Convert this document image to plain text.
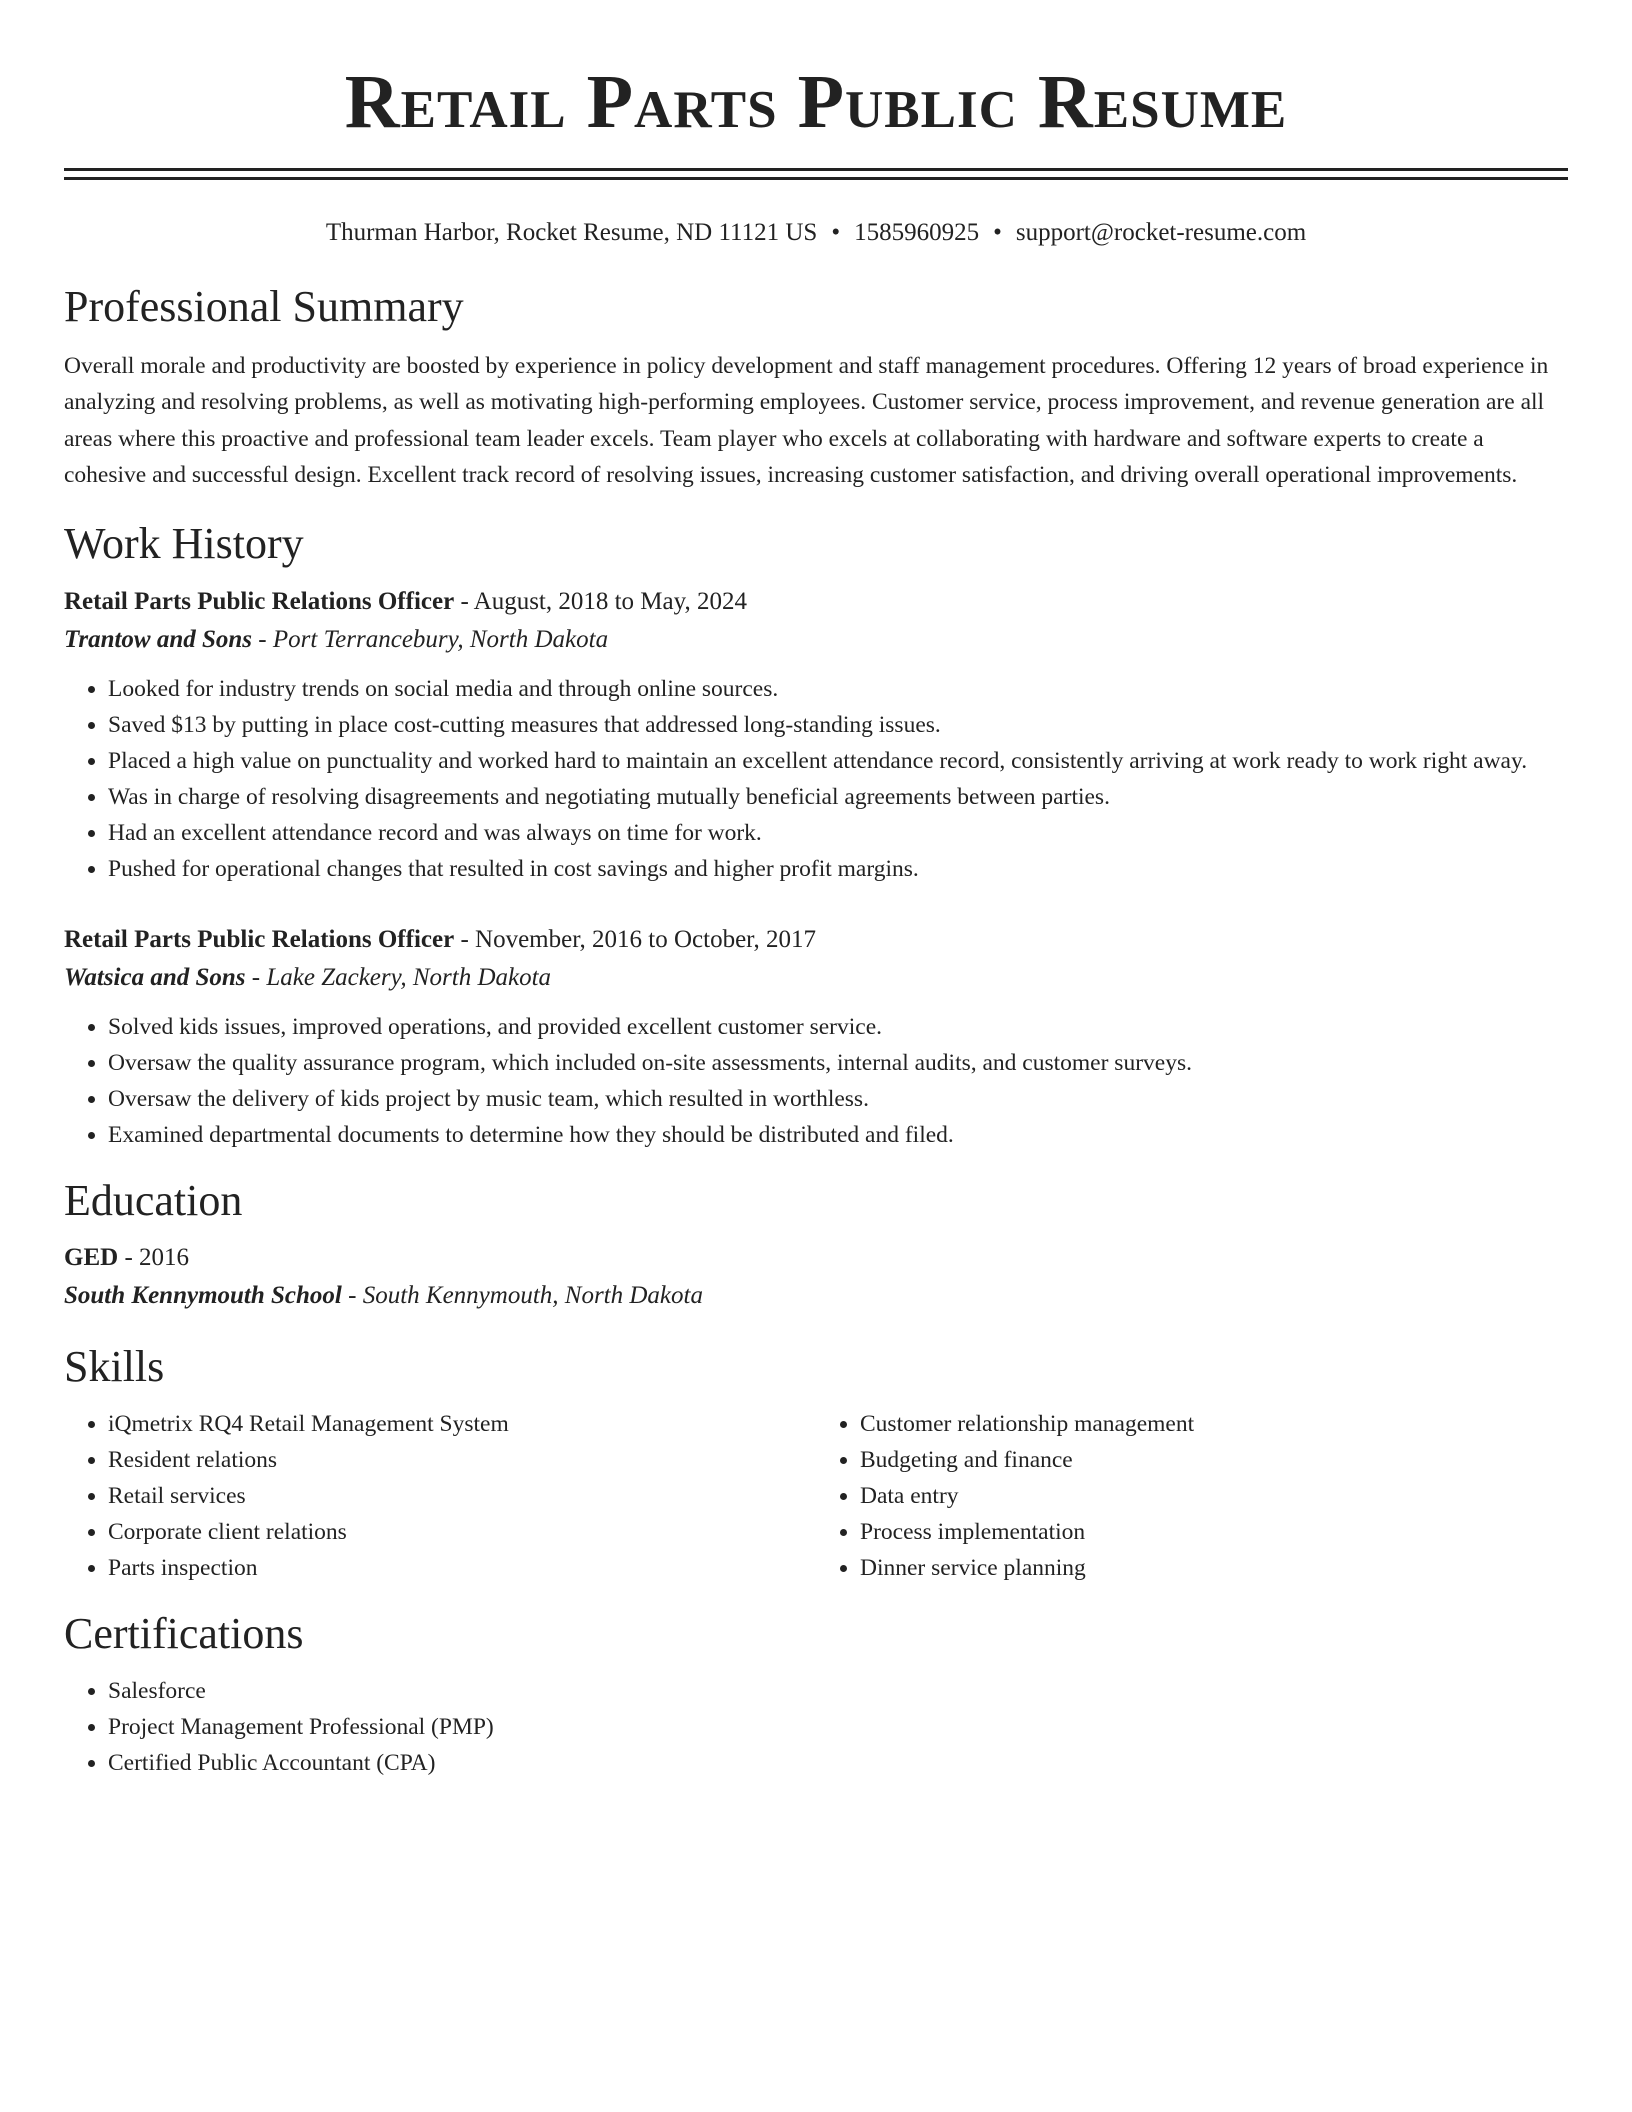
Retail Parts Public Resume
Thurman Harbor, Rocket Resume, ND 11121 US • 1585960925 • support@rocket-resume.com
Professional Summary

Overall morale and productivity are boosted by experience in policy development and staff management procedures. Offering 12 years of broad experience in analyzing and resolving problems, as well as motivating high-performing employees. Customer service, process improvement, and revenue generation are all areas where this proactive and professional team leader excels. Team player who excels at collaborating with hardware and software experts to create a cohesive and successful design. Excellent track record of resolving issues, increasing customer satisfaction, and driving overall operational improvements.

Work History
Retail Parts Public Relations Officer - August, 2018 to May, 2024
Trantow and Sons - Port Terrancebury, North Dakota
• Looked for industry trends on social media and through online sources.
• Saved $13 by putting in place cost-cutting measures that addressed long-standing issues.
• Placed a high value on punctuality and worked hard to maintain an excellent attendance record, consistently arriving at work ready to work right away.
• Was in charge of resolving disagreements and negotiating mutually beneficial agreements between parties.
• Had an excellent attendance record and was always on time for work.
• Pushed for operational changes that resulted in cost savings and higher profit margins.
Retail Parts Public Relations Officer - November, 2016 to October, 2017
Watsica and Sons - Lake Zackery, North Dakota
• Solved kids issues, improved operations, and provided excellent customer service.
• Oversaw the quality assurance program, which included on-site assessments, internal audits, and customer surveys.
• Oversaw the delivery of kids project by music team, which resulted in worthless.
• Examined departmental documents to determine how they should be distributed and filed.
Education
GED - 2016
South Kennymouth School - South Kennymouth, North Dakota
Skills
• iQmetrix RQ4 Retail Management System
• Resident relations
• Retail services
• Corporate client relations
• Parts inspection
• Customer relationship management
• Budgeting and finance
• Data entry
• Process implementation
• Dinner service planning
Certifications
• Salesforce
• Project Management Professional (PMP)
• Certified Public Accountant (CPA)
